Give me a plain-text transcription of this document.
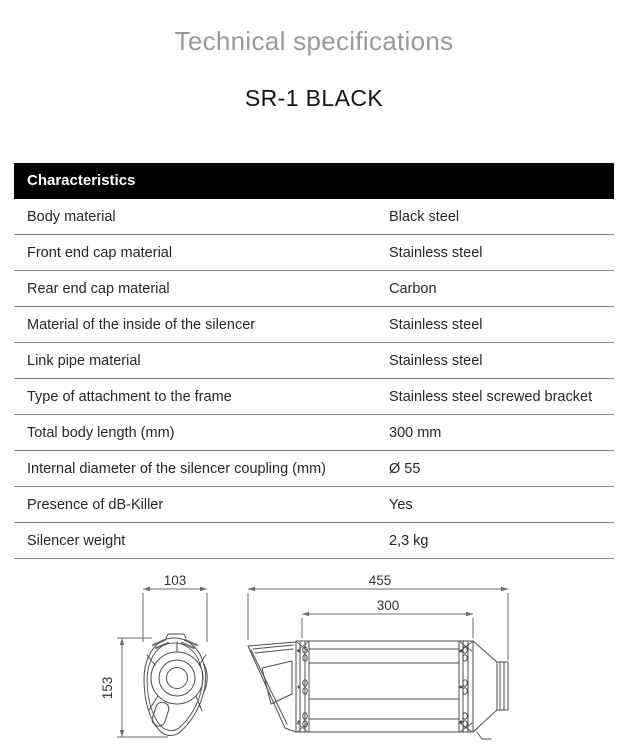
Technical specifications
SR-1 BLACK
Characteristics
Body material	Black steel
Front end cap material	Stainless steel
Rear end cap material	Carbon
Material of the inside of the silencer	Stainless steel
Link pipe material	Stainless steel
Type of attachment to the frame	Stainless steel screwed bracket
Total body length (mm)	300 mm
Internal diameter of the silencer coupling (mm)	Ø 55
Presence of dB-Killer	Yes
Silencer weight	2,3 kg
103	455
300
153
